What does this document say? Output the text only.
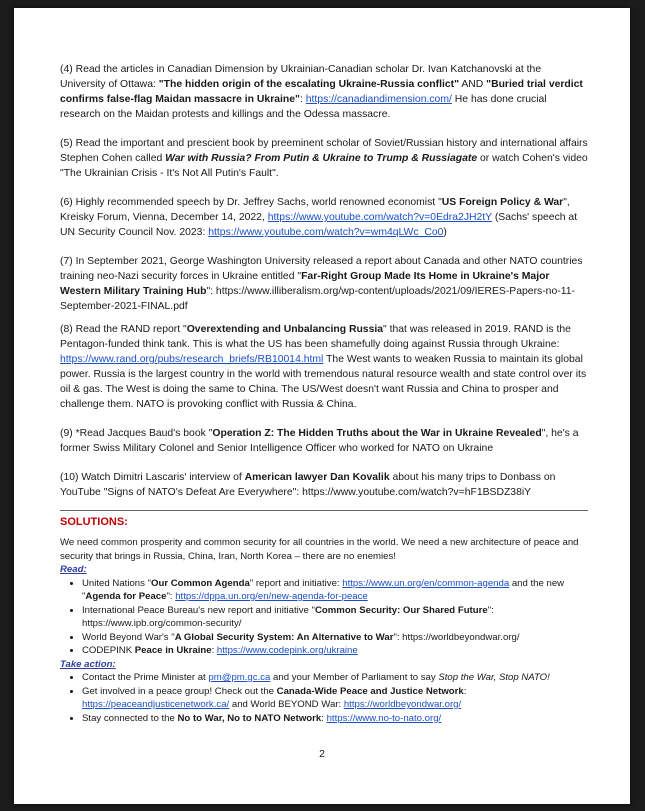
(4) Read the articles in Canadian Dimension by Ukrainian-Canadian scholar Dr. Ivan Katchanovski at the University of Ottawa: "The hidden origin of the escalating Ukraine-Russia conflict" AND "Buried trial verdict confirms false-flag Maidan massacre in Ukraine": https://canadiandimension.com/ He has done crucial research on the Maidan protests and killings and the Odessa massacre.

(5) Read the important and prescient book by preeminent scholar of Soviet/Russian history and international affairs Stephen Cohen called War with Russia? From Putin & Ukraine to Trump & Russiagate or watch Cohen's video "The Ukrainian Crisis - It's Not All Putin's Fault".

(6) Highly recommended speech by Dr. Jeffrey Sachs, world renowned economist "US Foreign Policy & War", Kreisky Forum, Vienna, December 14, 2022, https://www.youtube.com/watch?v=0Edra2JH2tY (Sachs' speech at UN Security Council Nov. 2023: https://www.youtube.com/watch?v=wm4qLWc_Co0)

(7) In September 2021, George Washington University released a report about Canada and other NATO countries training neo-Nazi security forces in Ukraine entitled "Far-Right Group Made Its Home in Ukraine's Major Western Military Training Hub": https://www.illiberalism.org/wp-content/uploads/2021/09/IERES-Papers-no-11-September-2021-FINAL.pdf

(8) Read the RAND report "Overextending and Unbalancing Russia" that was released in 2019. RAND is the Pentagon-funded think tank. This is what the US has been shamefully doing against Russia through Ukraine: https://www.rand.org/pubs/research_briefs/RB10014.html The West wants to weaken Russia to maintain its global power. Russia is the largest country in the world with tremendous natural resource wealth and state control over its oil & gas. The West is doing the same to China. The US/West doesn't want Russia and China to prosper and challenge them. NATO is provoking conflict with Russia & China.

(9) *Read Jacques Baud's book "Operation Z: The Hidden Truths about the War in Ukraine Revealed", he's a former Swiss Military Colonel and Senior Intelligence Officer who worked for NATO on Ukraine

(10) Watch Dimitri Lascaris' interview of American lawyer Dan Kovalik about his many trips to Donbass on YouTube "Signs of NATO's Defeat Are Everywhere": https://www.youtube.com/watch?v=hF1BSDZ38iY

SOLUTIONS:

We need common prosperity and common security for all countries in the world. We need a new architecture of peace and security that brings in Russia, China, Iran, North Korea – there are no enemies!

Read:
• United Nations "Our Common Agenda" report and initiative: https://www.un.org/en/common-agenda and the new "Agenda for Peace": https://dppa.un.org/en/new-agenda-for-peace
• International Peace Bureau's new report and initiative "Common Security: Our Shared Future": https://www.ipb.org/common-security/
• World Beyond War's "A Global Security System: An Alternative to War": https://worldbeyondwar.org/
• CODEPINK Peace in Ukraine: https://www.codepink.org/ukraine
Take action:
• Contact the Prime Minister at pm@pm.gc.ca and your Member of Parliament to say Stop the War, Stop NATO!
• Get involved in a peace group! Check out the Canada-Wide Peace and Justice Network: https://peaceandjusticenetwork.ca/ and World BEYOND War: https://worldbeyondwar.org/
• Stay connected to the No to War, No to NATO Network: https://www.no-to-nato.org/
2
